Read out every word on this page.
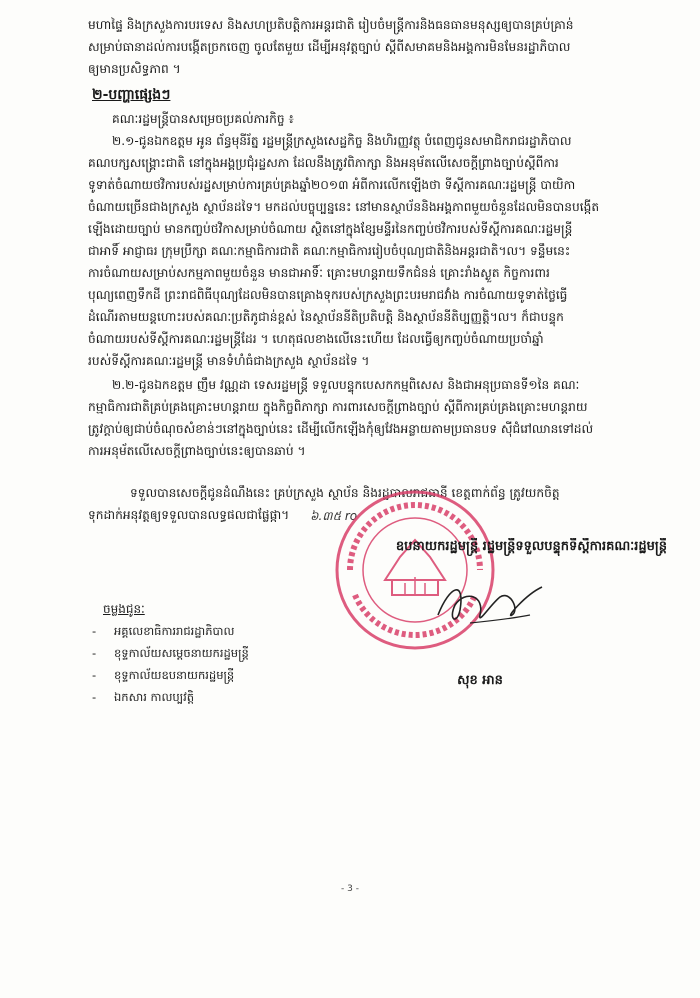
មហាផ្ទៃ និងក្រសួងការបរទេស និងសហប្រតិបត្តិការអន្តរជាតិ រៀបចំមន្ត្រីការនិងធនធានមនុស្សឲ្យបានគ្រប់គ្រាន់
សម្រាប់ធានាដល់ការបង្កើតច្រកចេញ ចូលតែមួយ ដើម្បីអនុវត្តច្បាប់ ស្តីពីសមាគមនិងអង្គការមិនមែនរដ្ឋាភិបាល
ឲ្យមានប្រសិទ្ធភាព ។
២-បញ្ហាផ្សេងៗ
គណៈរដ្ឋមន្ត្រីបានសម្រេចប្រគល់ភារកិច្ច ៖
២.១-ជូនឯកឧត្តម អូន ព័ន្ធមុនីរ័ត្ន រដ្ឋមន្ត្រីក្រសួងសេដ្ឋកិច្ច និងហិរញ្ញវត្ថុ បំពេញជូនសមាជិករាជរដ្ឋាភិបាល
គណបក្សសង្គ្រោះជាតិ នៅក្នុងអង្គប្រជុំរដ្ឋសភា ដែលនឹងត្រូវពិភាក្សា និងអនុម័តលើសេចក្តីព្រាងច្បាប់ស្តីពីការ
ទូទាត់ចំណាយថវិការបស់រដ្ឋសម្រាប់ការគ្រប់គ្រងឆ្នាំ២០១៣ អំពីការលើកឡើងថា ទីស្តីការគណៈរដ្ឋមន្ត្រី បាយិកា
ចំណាយច្រើនជាងក្រសួង ស្ថាប័នដទៃ។ មកដល់បច្ចុប្បន្ននេះ នៅមានស្ថាប័ននិងអង្គភាពមួយចំនួនដែលមិនបានបង្កើត
ឡើងដោយច្បាប់ មានកញ្ចប់ថវិកាសម្រាប់ចំណាយ ស្ថិតនៅក្នុងខ្សែមន្ទីរនៃកញ្ចប់ថវិការបស់ទីស្តីការគណៈរដ្ឋមន្ត្រី
ជាអាទិ៍ អាជ្ញាធរ ក្រុមប្រឹក្សា គណៈកម្មាធិការជាតិ គណៈកម្មាធិការរៀបចំបុណ្យជាតិនិងអន្តរជាតិ។ល។ ទន្ទឹមនេះ
ការចំណាយសម្រាប់សកម្មភាពមួយចំនួន មានជាអាទិ៍ៈ គ្រោះមហន្តរាយទឹកជំនន់ គ្រោះរាំងស្ងួត កិច្ចការពារ
បុណ្យពេញទឹកដី ព្រះរាជពិធីបុណ្យដែលមិនបានគ្រោងទុករបស់ក្រសួងព្រះបរមរាជវាំង ការចំណាយទូទាត់ថ្លៃធ្វើ
ដំណើរតាមយន្តហោះរបស់គណៈប្រតិភូជាន់ខ្ពស់ នៃស្ថាប័ននីតិប្រតិបត្តិ និងស្ថាប័ននីតិប្បញ្ញត្តិ។ល។ ក៏ជាបន្ទុក
ចំណាយរបស់ទីស្តីការគណៈរដ្ឋមន្ត្រីដែរ ។ ហេតុផលខាងលើនេះហើយ ដែលធ្វើឲ្យកញ្ចប់ចំណាយប្រចាំឆ្នាំ
របស់ទីស្តីការគណៈរដ្ឋមន្ត្រី មានទំហំធំជាងក្រសួង ស្ថាប័នដទៃ ។
២.២-ជូនឯកឧត្តម ញឹម វណ្ណដា ទេសរដ្ឋមន្ត្រី ទទួលបន្ទុកបេសកកម្មពិសេស និងជាអនុប្រធានទី១នៃ គណៈ
កម្មាធិការជាតិគ្រប់គ្រងគ្រោះមហន្តរាយ ក្នុងកិច្ចពិភាក្សា ការពារសេចក្តីព្រាងច្បាប់ ស្តីពីការគ្រប់គ្រងគ្រោះមហន្តរាយ
ត្រូវក្តាប់ឲ្យជាប់ចំណុចសំខាន់ៗនៅក្នុងច្បាប់នេះ ដើម្បីលើកឡើងកុំឲ្យវែងអន្លាយតាមប្រធានបទ ស៊ីជំរៅឈានទៅដល់
ការអនុម័តលើសេចក្តីព្រាងច្បាប់នេះឲ្យបានឆាប់ ។
ទទួលបានសេចក្តីជូនដំណឹងនេះ គ្រប់ក្រសួង ស្ថាប័ន និងរដ្ឋបាលរាជធានី ខេត្តពាក់ព័ន្ធ ត្រូវយកចិត្ត
ទុកដាក់អនុវត្តឲ្យទទួលបានលទ្ធផលជាផ្លែផ្កា។	៦.៣៥ ro
ឧបនាយករដ្ឋមន្ត្រី រដ្ឋមន្ត្រីទទួលបន្ទុកទីស្តីការគណៈរដ្ឋមន្ត្រី
សុខ អាន
ចម្លងជូនៈ
- អគ្គលេខាធិការរាជរដ្ឋាភិបាល
- ខុទ្ទកាល័យសម្តេចនាយករដ្ឋមន្ត្រី
- ខុទ្ទកាល័យឧបនាយករដ្ឋមន្ត្រី
- ឯកសារ កាលប្បវត្តិ
- 3 -
